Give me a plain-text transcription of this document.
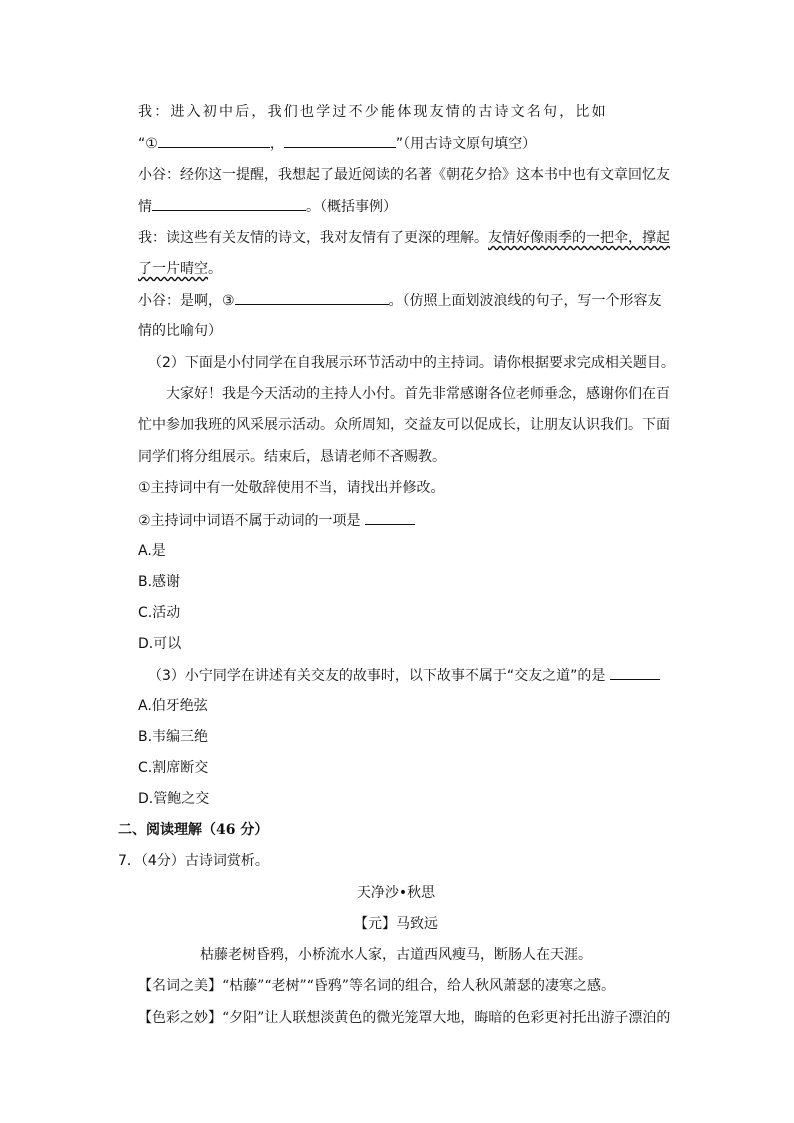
我：进入初中后，我们也学过不少能体现友情的古诗文名句，比如
“①	，	”（用古诗文原句填空）
小谷：经你这一提醒，我想起了最近阅读的名著《朝花夕拾》这本书中也有文章回忆友
情	。（概括事例）
我：读这些有关友情的诗文，我对友情有了更深的理解。友情好像雨季的一把伞，撑起
了一片晴空。
小谷：是啊，③	。（仿照上面划波浪线的句子，写一个形容友
情的比喻句）
（2）下面是小付同学在自我展示环节活动中的主持词。请你根据要求完成相关题目。
大家好！我是今天活动的主持人小付。首先非常感谢各位老师垂念，感谢你们在百
忙中参加我班的风采展示活动。众所周知，交益友可以促成长，让朋友认识我们。下面
同学们将分组展示。结束后，恳请老师不吝赐教。
①主持词中有一处敬辞使用不当，请找出并修改。
②主持词中词语不属于动词的一项是
A.是
B.感谢
C.活动
D.可以
（3）小宁同学在讲述有关交友的故事时，以下故事不属于“交友之道”的是
A.伯牙绝弦
B.韦编三绝
C.割席断交
D.管鲍之交
二、阅读理解（46 分）
7．（4分）古诗词赏析。
天净沙•秋思
【元】马致远
枯藤老树昏鸦，小桥流水人家，古道西风瘦马，断肠人在天涯。
【名词之美】“枯藤”“老树”“昏鸦”等名词的组合，给人秋风萧瑟的凄寒之感。
【色彩之妙】“夕阳”让人联想淡黄色的微光笼罩大地，晦暗的色彩更衬托出游子漂泊的
